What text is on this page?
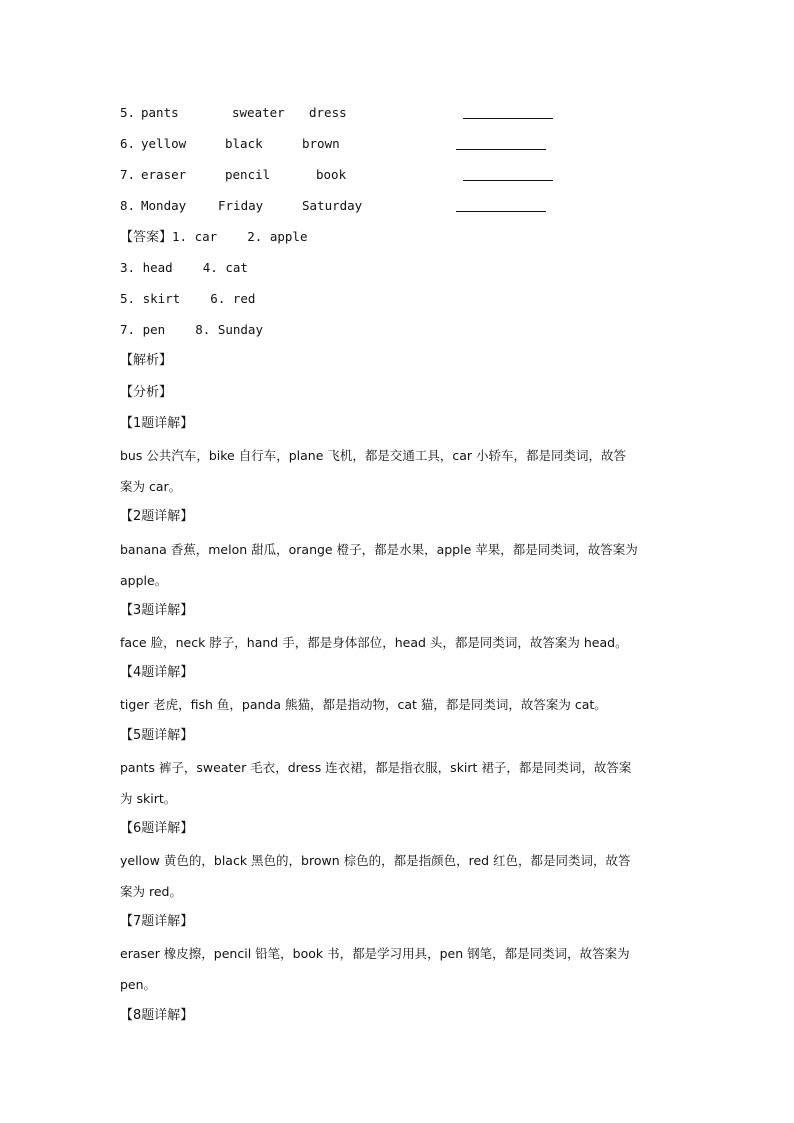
5. pants	sweater dress
6. yellow	black	brown
7. eraser	pencil	book
8. Monday	Friday	Saturday
【答案】1. car    2. apple
3. head    4. cat
5. skirt    6. red
7. pen    8. Sunday
【解析】
【分析】
【1题详解】
bus 公共汽车，bike 自行车，plane 飞机，都是交通工具，car 小轿车，都是同类词，故答
案为 car。
【2题详解】
banana 香蕉，melon 甜瓜，orange 橙子，都是水果，apple 苹果，都是同类词，故答案为
apple。
【3题详解】
face 脸，neck 脖子，hand 手，都是身体部位，head 头，都是同类词，故答案为 head。
【4题详解】
tiger 老虎，fish 鱼，panda 熊猫，都是指动物，cat 猫，都是同类词，故答案为 cat。
【5题详解】
pants 裤子，sweater 毛衣，dress 连衣裙，都是指衣服，skirt 裙子，都是同类词，故答案
为 skirt。
【6题详解】
yellow 黄色的，black 黑色的，brown 棕色的，都是指颜色，red 红色，都是同类词，故答
案为 red。
【7题详解】
eraser 橡皮擦，pencil 铅笔，book 书，都是学习用具，pen 钢笔，都是同类词，故答案为
pen。
【8题详解】
